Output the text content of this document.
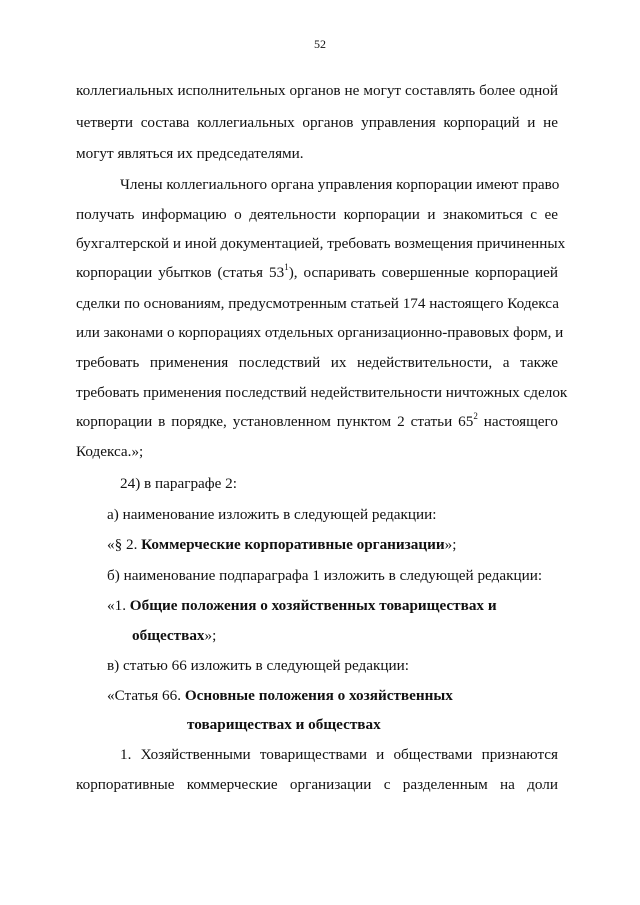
52
коллегиальных исполнительных органов не могут составлять более одной
четверти состава коллегиальных органов управления корпораций и не
могут являться их председателями.
Члены коллегиального органа управления корпорации имеют право
получать информацию о деятельности корпорации и знакомиться с ее
бухгалтерской и иной документацией, требовать возмещения причиненных
корпорации убытков (статья $53^1$), оспаривать совершенные корпорацией
сделки по основаниям, предусмотренным статьей 174 настоящего Кодекса
или законами о корпорациях отдельных организационно-правовых форм, и
требовать применения последствий их недействительности, а также
требовать применения последствий недействительности ничтожных сделок
корпорации в порядке, установленном пунктом 2 статьи $65^2$ настоящего
Кодекса.»;
24) в параграфе 2:
а) наименование изложить в следующей редакции:
«§ 2. Коммерческие корпоративные организации»;
б) наименование подпараграфа 1 изложить в следующей редакции:
«1. Общие положения о хозяйственных товариществах и
обществах»;
в) статью 66 изложить в следующей редакции:
«Статья 66. Основные положения о хозяйственных
товариществах и обществах
1. Хозяйственными товариществами и обществами признаются
корпоративные коммерческие организации с разделенным на доли
